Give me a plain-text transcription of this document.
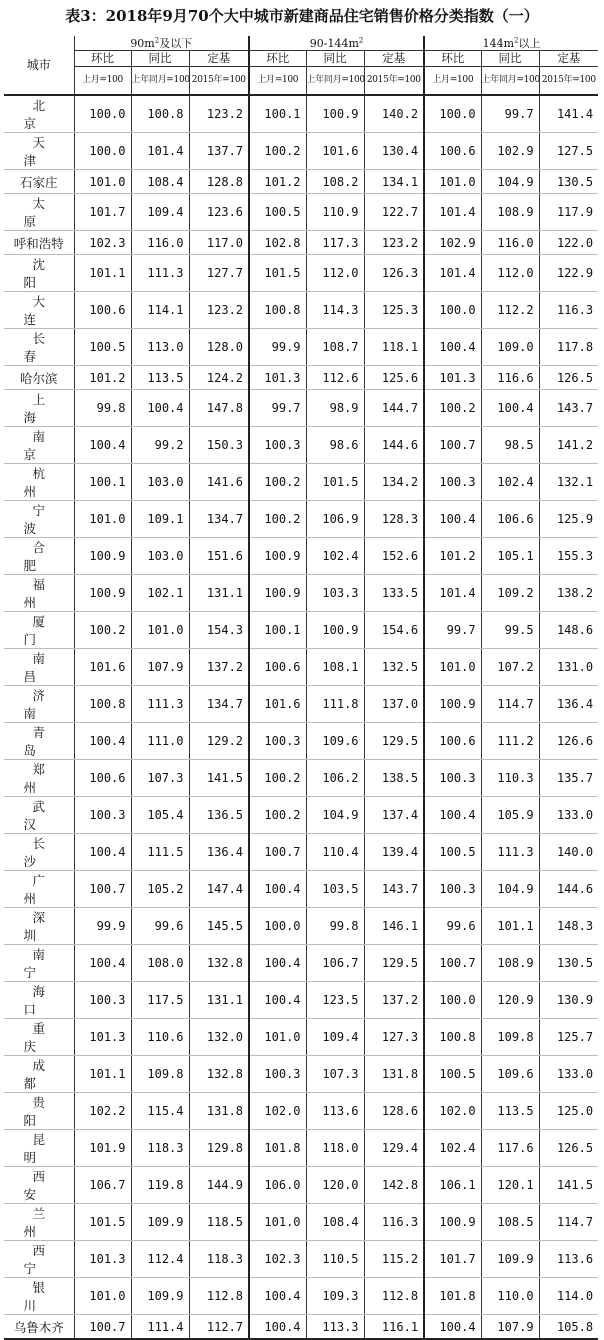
表3：2018年9月70个大中城市新建商品住宅销售价格分类指数（一）
城市	$90m^2$及以下			$90-144m^2$			$144m^2$以上		
	环比	同比	定基	环比	同比	定基	环比	同比	定基
	上月=100	上年同月=100	2015年=100	上月=100	上年同月=100	2015年=100	上月=100	上年同月=100	2015年=100
北京	100.0	100.8	123.2	100.1	100.9	140.2	100.0	99.7	141.4
天津	100.0	101.4	137.7	100.2	101.6	130.4	100.6	102.9	127.5
石家庄	101.0	108.4	128.8	101.2	108.2	134.1	101.0	104.9	130.5
太原	101.7	109.4	123.6	100.5	110.9	122.7	101.4	108.9	117.9
呼和浩特	102.3	116.0	117.0	102.8	117.3	123.2	102.9	116.0	122.0
沈阳	101.1	111.3	127.7	101.5	112.0	126.3	101.4	112.0	122.9
大连	100.6	114.1	123.2	100.8	114.3	125.3	100.0	112.2	116.3
长春	100.5	113.0	128.0	99.9	108.7	118.1	100.4	109.0	117.8
哈尔滨	101.2	113.5	124.2	101.3	112.6	125.6	101.3	116.6	126.5
上海	99.8	100.4	147.8	99.7	98.9	144.7	100.2	100.4	143.7
南京	100.4	99.2	150.3	100.3	98.6	144.6	100.7	98.5	141.2
杭州	100.1	103.0	141.6	100.2	101.5	134.2	100.3	102.4	132.1
宁波	101.0	109.1	134.7	100.2	106.9	128.3	100.4	106.6	125.9
合肥	100.9	103.0	151.6	100.9	102.4	152.6	101.2	105.1	155.3
福州	100.9	102.1	131.1	100.9	103.3	133.5	101.4	109.2	138.2
厦门	100.2	101.0	154.3	100.1	100.9	154.6	99.7	99.5	148.6
南昌	101.6	107.9	137.2	100.6	108.1	132.5	101.0	107.2	131.0
济南	100.8	111.3	134.7	101.6	111.8	137.0	100.9	114.7	136.4
青岛	100.4	111.0	129.2	100.3	109.6	129.5	100.6	111.2	126.6
郑州	100.6	107.3	141.5	100.2	106.2	138.5	100.3	110.3	135.7
武汉	100.3	105.4	136.5	100.2	104.9	137.4	100.4	105.9	133.0
长沙	100.4	111.5	136.4	100.7	110.4	139.4	100.5	111.3	140.0
广州	100.7	105.2	147.4	100.4	103.5	143.7	100.3	104.9	144.6
深圳	99.9	99.6	145.5	100.0	99.8	146.1	99.6	101.1	148.3
南宁	100.4	108.0	132.8	100.4	106.7	129.5	100.7	108.9	130.5
海口	100.3	117.5	131.1	100.4	123.5	137.2	100.0	120.9	130.9
重庆	101.3	110.6	132.0	101.0	109.4	127.3	100.8	109.8	125.7
成都	101.1	109.8	132.8	100.3	107.3	131.8	100.5	109.6	133.0
贵阳	102.2	115.4	131.8	102.0	113.6	128.6	102.0	113.5	125.0
昆明	101.9	118.3	129.8	101.8	118.0	129.4	102.4	117.6	126.5
西安	106.7	119.8	144.9	106.0	120.0	142.8	106.1	120.1	141.5
兰州	101.5	109.9	118.5	101.0	108.4	116.3	100.9	108.5	114.7
西宁	101.3	112.4	118.3	102.3	110.5	115.2	101.7	109.9	113.6
银川	101.0	109.9	112.8	100.4	109.3	112.8	101.8	110.0	114.0
乌鲁木齐	100.7	111.4	112.7	100.4	113.3	116.1	100.4	107.9	105.8
